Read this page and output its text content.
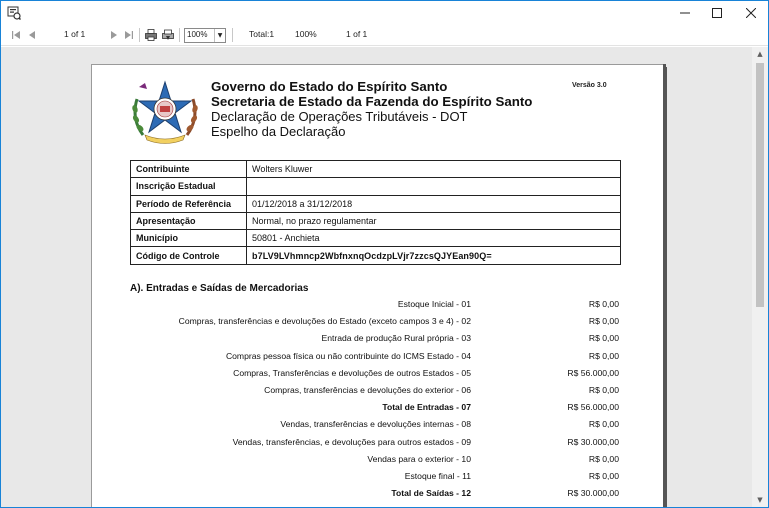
1 of 1	100%	▼	Total:1 100%	1 of 1
Versão 3.0
Governo do Estado do Espírito Santo
Secretaria de Estado da Fazenda do Espírito Santo
Declaração de Operações Tributáveis - DOT
Espelho da Declaração
Contribuinte	Wolters Kluwer
Inscrição Estadual	
Período de Referência	01/12/2018 a 31/12/2018
Apresentação	Normal, no prazo regulamentar
Município	50801 - Anchieta
Código de Controle	b7LV9LVhmncp2WbfnxnqOcdzpLVjr7zzcsQJYEan90Q=
A). Entradas e Saídas de Mercadorias
Estoque Inicial - 01	R$ 0,00
Compras, transferências e devoluções do Estado (exceto campos 3 e 4) - 02	R$ 0,00
Entrada de produção Rural própria - 03	R$ 0,00
Compras pessoa física ou não contribuinte do ICMS Estado - 04	R$ 0,00
Compras, Transferências e devoluções de outros Estados - 05	R$ 56.000,00
Compras, transferências e devoluções do exterior - 06	R$ 0,00
Total de Entradas - 07	R$ 56.000,00
Vendas, transferências e devoluções internas - 08	R$ 0,00
Vendas, transferências, e devoluções para outros estados - 09	R$ 30.000,00
Vendas para o exterior - 10	R$ 0,00
Estoque final - 11	R$ 0,00
Total de Saídas - 12	R$ 30.000,00
▲
▼
